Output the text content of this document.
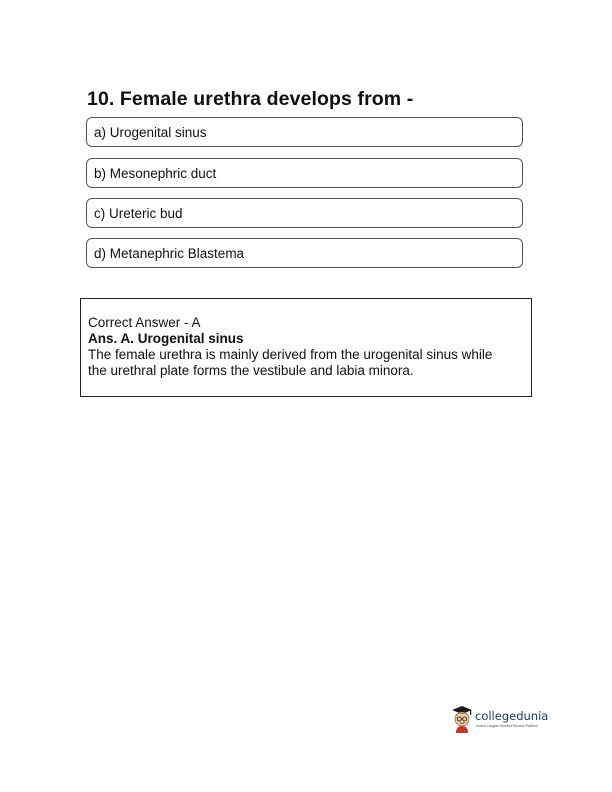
10. Female urethra develops from -
a) Urogenital sinus
b) Mesonephric duct
c) Ureteric bud
d) Metanephric Blastema
Correct Answer - A
Ans. A. Urogenital sinus
The female urethra is mainly derived from the urogenital sinus while
the urethral plate forms the vestibule and labia minora.
collegedunia
India's Largest Student Review Platform
